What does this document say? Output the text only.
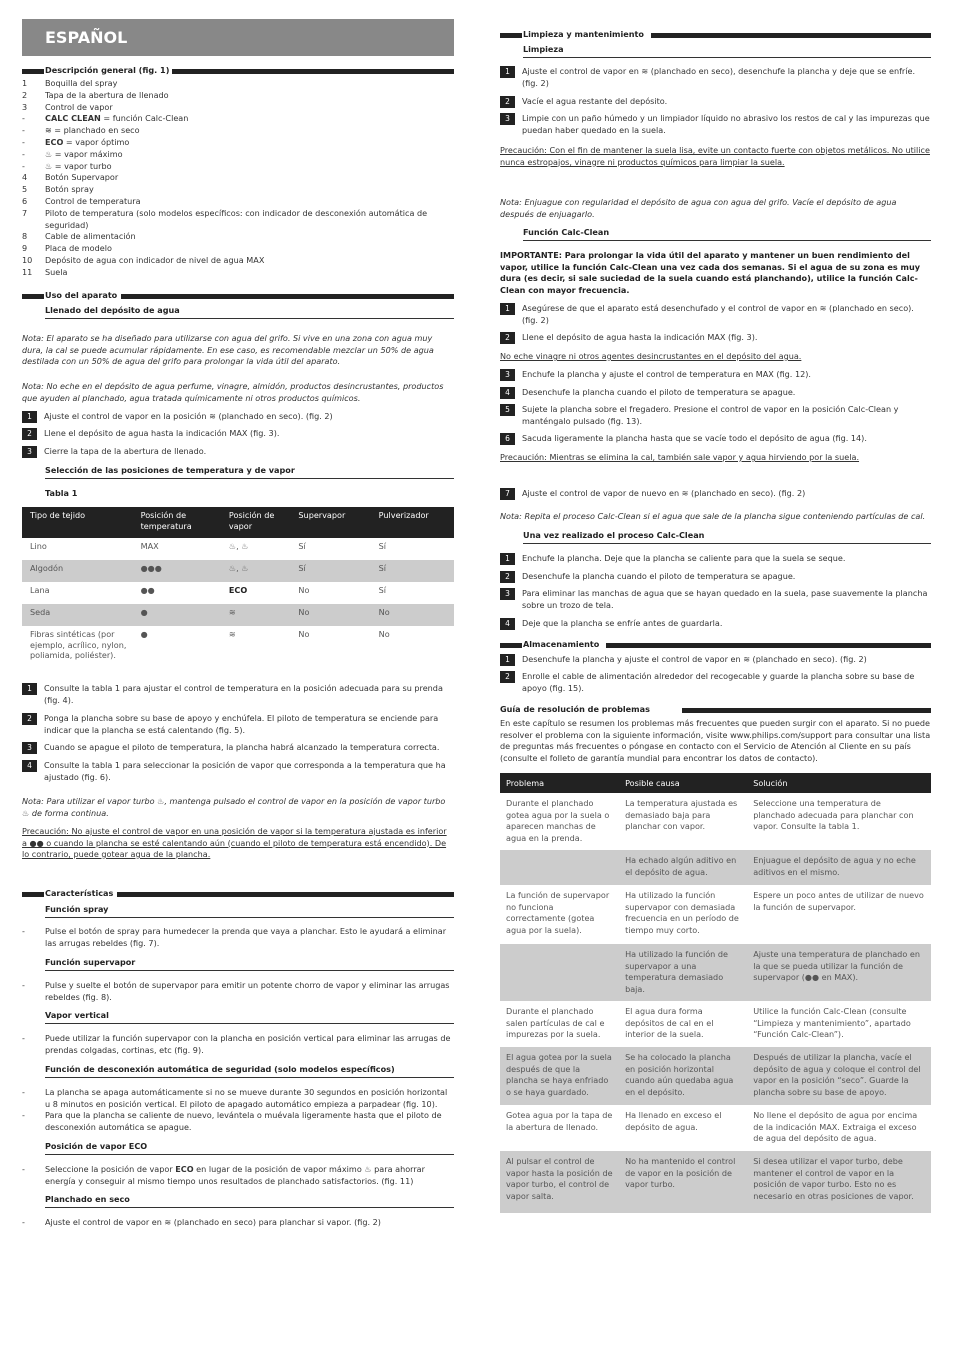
ESPAÑOL
Descripción general (fig. 1)
1 Boquilla del spray
2 Tapa de la abertura de llenado
3 Control de vapor
- CALC CLEAN = función Calc-Clean
-	≋ = planchado en seco
- ECO = vapor óptimo
-	♨ = vapor máximo
-	♨ = vapor turbo
4 Botón Supervapor
5 Botón spray
6 Control de temperatura
7 Piloto de temperatura (solo modelos específicos: con indicador de desconexión automática de seguridad)
8 Cable de alimentación
9 Placa de modelo
10 Depósito de agua con indicador de nivel de agua MAX
11 Suela
Uso del aparato
Llenado del depósito de agua
Nota: El aparato se ha diseñado para utilizarse con agua del grifo. Si vive en una zona con agua muy dura, la cal se puede acumular rápidamente. En ese caso, es recomendable mezclar un 50% de agua destilada con un 50% de agua del grifo para prolongar la vida útil del aparato.
Nota: No eche en el depósito de agua perfume, vinagre, almidón, productos desincrustantes, productos que ayuden al planchado, agua tratada químicamente ni otros productos químicos.
1	Ajuste el control de vapor en la posición ≋ (planchado en seco). (fig. 2)
2	Llene el depósito de agua hasta la indicación MAX (fig. 3).
3	Cierre la tapa de la abertura de llenado.
Selección de las posiciones de temperatura y de vapor
Tabla 1
Tipo de tejido	Posición de temperatura	Posición de vapor	Supervapor	Pulverizador
Lino	MAX	♨, ♨	Sí	Sí
Algodón	●●●	♨, ♨	Sí	Sí
Lana	●●	ECO	No	Sí
Seda	●	≋	No	No
Fibras sintéticas (por ejemplo, acrílico, nylon, poliamida, poliéster).	●	≋	No	No
1	Consulte la tabla 1 para ajustar el control de temperatura en la posición adecuada para su prenda (fig. 4).
2	Ponga la plancha sobre su base de apoyo y enchúfela. El piloto de temperatura se enciende para indicar que la plancha se está calentando (fig. 5).
3	Cuando se apague el piloto de temperatura, la plancha habrá alcanzado la temperatura correcta.
4	Consulte la tabla 1 para seleccionar la posición de vapor que corresponda a la temperatura que ha ajustado (fig. 6).
Nota: Para utilizar el vapor turbo ♨, mantenga pulsado el control de vapor en la posición de vapor turbo ♨ de forma continua.
Precaución: No ajuste el control de vapor en una posición de vapor si la temperatura ajustada es inferior a ●● o cuando la plancha se esté calentando aún (cuando el piloto de temperatura está encendido). De lo contrario, puede gotear agua de la plancha.
Características
Función spray
- Pulse el botón de spray para humedecer la prenda que vaya a planchar. Esto le ayudará a eliminar las arrugas rebeldes (fig. 7).
Función supervapor
- Pulse y suelte el botón de supervapor para emitir un potente chorro de vapor y eliminar las arrugas rebeldes (fig. 8).
Vapor vertical
- Puede utilizar la función supervapor con la plancha en posición vertical para eliminar las arrugas de prendas colgadas, cortinas, etc (fig. 9).
Función de desconexión automática de seguridad (solo modelos específicos)
- La plancha se apaga automáticamente si no se mueve durante 30 segundos en posición horizontal u 8 minutos en posición vertical. El piloto de apagado automático empieza a parpadear (fig. 10).
- Para que la plancha se caliente de nuevo, levántela o muévala ligeramente hasta que el piloto de desconexión automática se apague.
Posición de vapor ECO
- Seleccione la posición de vapor ECO en lugar de la posición de vapor máximo ♨ para ahorrar energía y conseguir al mismo tiempo unos resultados de planchado satisfactorios. (fig. 11)
Planchado en seco
- Ajuste el control de vapor en ≋ (planchado en seco) para planchar si vapor. (fig. 2)
Limpieza y mantenimiento
Limpieza
1	Ajuste el control de vapor en ≋ (planchado en seco), desenchufe la plancha y deje que se enfríe. (fig. 2)
2	Vacíe el agua restante del depósito.
3	Limpie con un paño húmedo y un limpiador líquido no abrasivo los restos de cal y las impurezas que puedan haber quedado en la suela.
Precaución: Con el fin de mantener la suela lisa, evite un contacto fuerte con objetos metálicos. No utilice nunca estropajos, vinagre ni productos químicos para limpiar la suela.
Nota: Enjuague con regularidad el depósito de agua con agua del grifo. Vacíe el depósito de agua después de enjuagarlo.
Función Calc-Clean
IMPORTANTE: Para prolongar la vida útil del aparato y mantener un buen rendimiento del vapor, utilice la función Calc-Clean una vez cada dos semanas. Si el agua de su zona es muy dura (es decir, si sale suciedad de la suela cuando está planchando), utilice la función Calc-Clean con mayor frecuencia.
1	Asegúrese de que el aparato está desenchufado y el control de vapor en ≋ (planchado en seco). (fig. 2)
2	Llene el depósito de agua hasta la indicación MAX (fig. 3).
No eche vinagre ni otros agentes desincrustantes en el depósito del agua.
3	Enchufe la plancha y ajuste el control de temperatura en MAX (fig. 12).
4	Desenchufe la plancha cuando el piloto de temperatura se apague.
5	Sujete la plancha sobre el fregadero. Presione el control de vapor en la posición Calc-Clean y manténgalo pulsado (fig. 13).
6	Sacuda ligeramente la plancha hasta que se vacíe todo el depósito de agua (fig. 14).
Precaución: Mientras se elimina la cal, también sale vapor y agua hirviendo por la suela.
7	Ajuste el control de vapor de nuevo en ≋ (planchado en seco). (fig. 2)
Nota: Repita el proceso Calc-Clean si el agua que sale de la plancha sigue conteniendo partículas de cal.
Una vez realizado el proceso Calc-Clean
1	Enchufe la plancha. Deje que la plancha se caliente para que la suela se seque.
2	Desenchufe la plancha cuando el piloto de temperatura se apague.
3	Para eliminar las manchas de agua que se hayan quedado en la suela, pase suavemente la plancha sobre un trozo de tela.
4	Deje que la plancha se enfríe antes de guardarla.
Almacenamiento
1	Desenchufe la plancha y ajuste el control de vapor en ≋ (planchado en seco). (fig. 2)
2	Enrolle el cable de alimentación alrededor del recogecable y guarde la plancha sobre su base de apoyo (fig. 15).
Guía de resolución de problemas
En este capítulo se resumen los problemas más frecuentes que pueden surgir con el aparato. Si no puede resolver el problema con la siguiente información, visite www.philips.com/support para consultar una lista de preguntas más frecuentes o póngase en contacto con el Servicio de Atención al Cliente en su país (consulte el folleto de garantía mundial para encontrar los datos de contacto).
Problema	Posible causa	Solución
Durante el planchado gotea agua por la suela o aparecen manchas de agua en la prenda.	La temperatura ajustada es demasiado baja para planchar con vapor.	Seleccione una temperatura de planchado adecuada para planchar con vapor. Consulte la tabla 1.
	Ha echado algún aditivo en el depósito de agua.	Enjuague el depósito de agua y no eche aditivos en el mismo.
La función de supervapor no funciona correctamente (gotea agua por la suela).	Ha utilizado la función supervapor con demasiada frecuencia en un período de tiempo muy corto.	Espere un poco antes de utilizar de nuevo la función de supervapor.
	Ha utilizado la función de supervapor a una temperatura demasiado baja.	Ajuste una temperatura de planchado en la que se pueda utilizar la función de supervapor (●● en MAX).
Durante el planchado salen partículas de cal e impurezas por la suela.	El agua dura forma depósitos de cal en el interior de la suela.	Utilice la función Calc-Clean (consulte “Limpieza y mantenimiento”, apartado “Función Calc-Clean”).
El agua gotea por la suela después de que la plancha se haya enfriado o se haya guardado.	Se ha colocado la plancha en posición horizontal cuando aún quedaba agua en el depósito.	Después de utilizar la plancha, vacíe el depósito de agua y coloque el control del vapor en la posición “seco”. Guarde la plancha sobre su base de apoyo.
Gotea agua por la tapa de la abertura de llenado.	Ha llenado en exceso el depósito de agua.	No llene el depósito de agua por encima de la indicación MAX. Extraiga el exceso de agua del depósito de agua.
Al pulsar el control de vapor hasta la posición de vapor turbo, el control de vapor salta.	No ha mantenido el control de vapor en la posición de vapor turbo.	Si desea utilizar el vapor turbo, debe mantener el control de vapor en la posición de vapor turbo. Esto no es necesario en otras posiciones de vapor.
